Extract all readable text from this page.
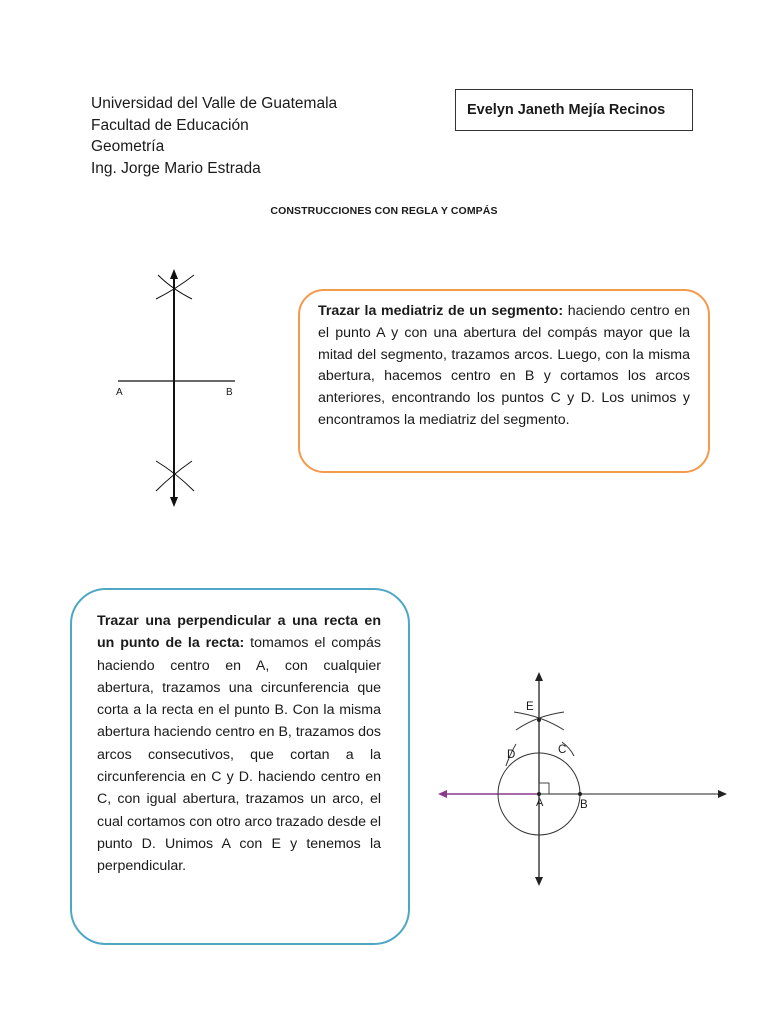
Universidad del Valle de Guatemala
Facultad de Educación
Geometría
Ing. Jorge Mario Estrada
Evelyn Janeth Mejía Recinos
CONSTRUCCIONES CON REGLA Y COMPÁS
A	B
Trazar la mediatriz de un segmento: haciendo centro en el punto A y con una abertura del compás mayor que la mitad del segmento, trazamos arcos. Luego, con la misma abertura, hacemos centro en B y cortamos los arcos anteriores, encontrando los puntos C y D. Los unimos y encontramos la mediatriz del segmento.
Trazar una perpendicular a una recta en un punto de la recta: tomamos el compás haciendo centro en A, con cualquier abertura, trazamos una circunferencia que corta a la recta en el punto B. Con la misma abertura haciendo centro en B, trazamos dos arcos consecutivos, que cortan a la circunferencia en C y D. haciendo centro en C, con igual abertura, trazamos un arco, el cual cortamos con otro arco trazado desde el punto D. Unimos A con E y tenemos la perpendicular.
E
D	C
A	B
